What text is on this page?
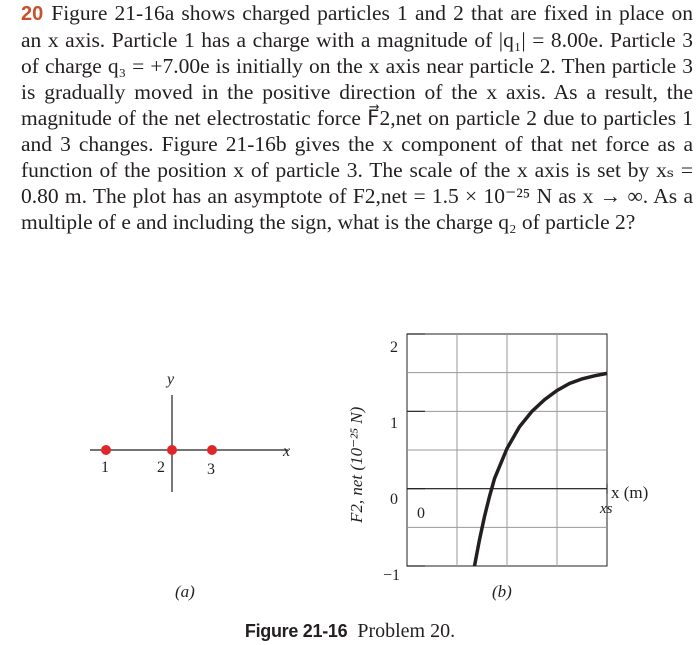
20 Figure 21-16a shows charged particles 1 and 2 that are fixed in place on an x axis. Particle 1 has a charge with a magnitude of |q₁| = 8.00e. Particle 3 of charge q₃ = +7.00e is initially on the x axis near particle 2. Then particle 3 is gradually moved in the positive direction of the x axis. As a result, the magnitude of the net electrostatic force F⃗2,net on particle 2 due to particles 1 and 3 changes. Figure 21-16b gives the x component of that net force as a function of the position x of particle 3. The scale of the x axis is set by xₛ = 0.80 m. The plot has an asymptote of F2,net = 1.5 × 10⁻²⁵ N as x → ∞. As a multiple of e and including the sign, what is the charge q₂ of particle 2?
y
x
1	2	3
(a)
2
1
0
−1
0
F2, net (10⁻²⁵ N)	x (m)
xs
(b)
Figure 21-16 Problem 20.
